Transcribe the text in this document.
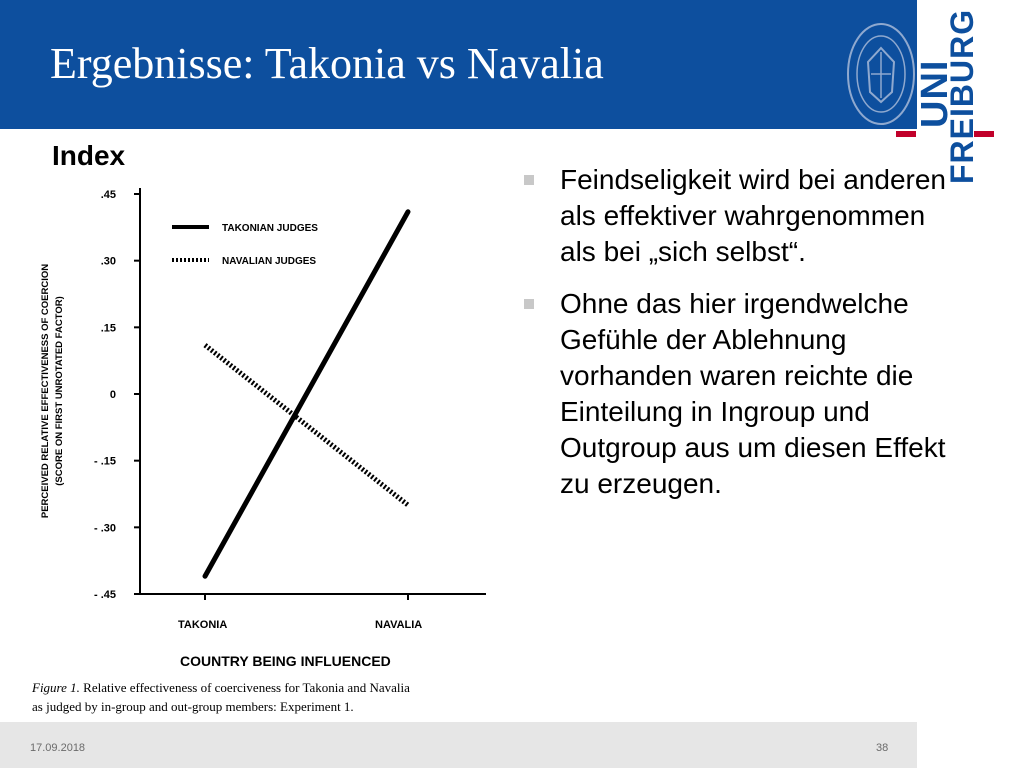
Ergebnisse: Takonia vs Navalia	UNI
FREIBURG
Index
.45
.30
.15
0
- .15
- .30
- .45
TAKONIA	NAVALIA
TAKONIAN JUDGES
NAVALIAN JUDGES
PERCEIVED RELATIVE EFFECTIVENESS OF COERCION (SCORE ON FIRST UNROTATED FACTOR)
COUNTRY BEING INFLUENCED
Figure 1. Relative effectiveness of coerciveness for Takonia and Navalia
as judged by in-group and out-group members: Experiment 1.
Feindseligkeit wird bei anderen als effektiver wahrgenommen als bei „sich selbst“.
Ohne das hier irgendwelche Gefühle der Ablehnung vorhanden waren reichte die Einteilung in Ingroup und Outgroup aus um diesen Effekt zu erzeugen.
17.09.2018	38
